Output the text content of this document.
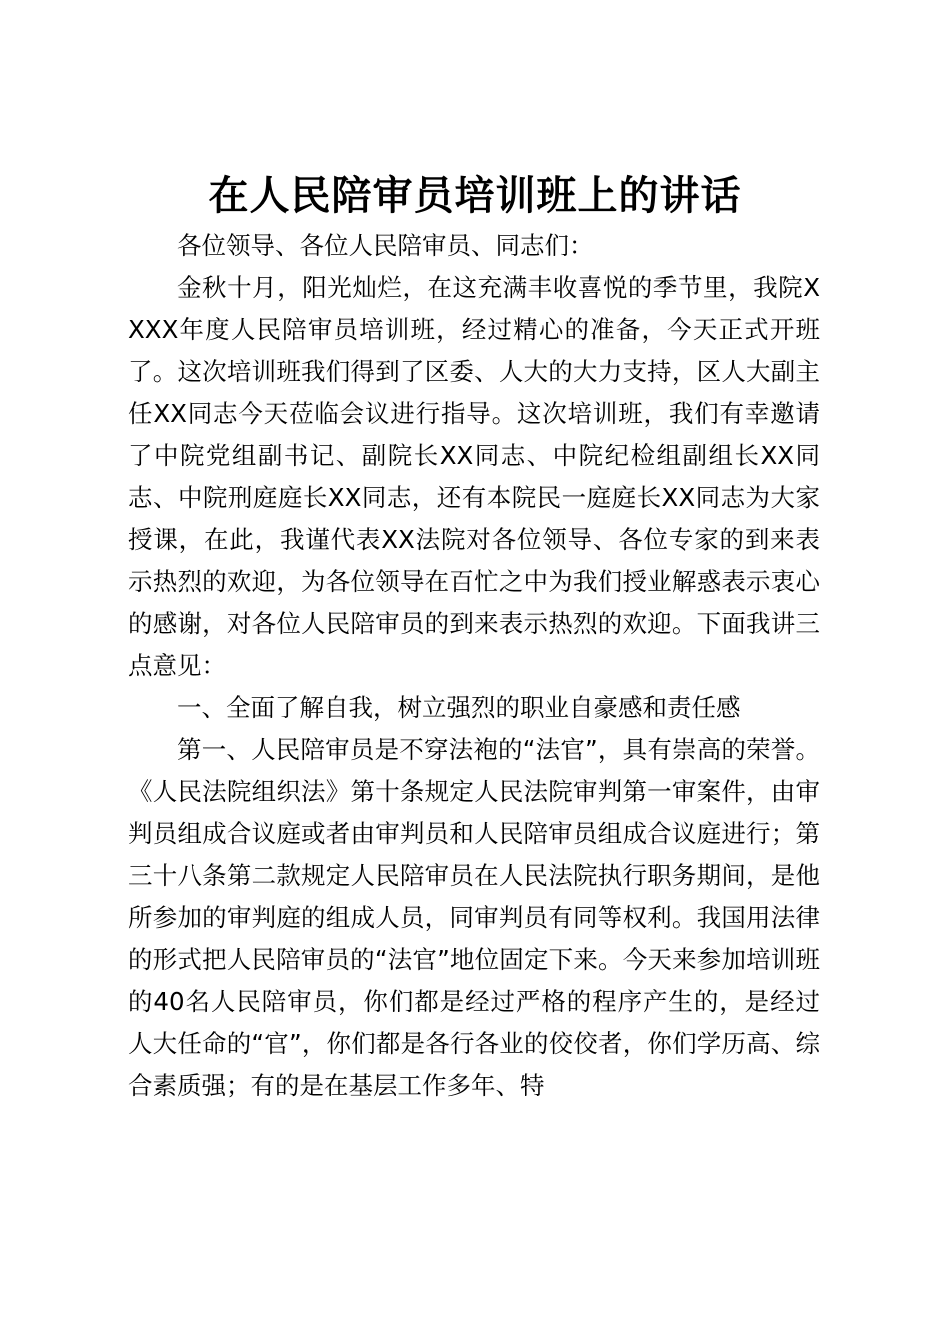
在人民陪审员培训班上的讲话

各位领导、各位人民陪审员、同志们：

金秋十月，阳光灿烂，在这充满丰收喜悦的季节里，我院XXXX年度人民陪审员培训班，经过精心的准备，今天正式开班了。这次培训班我们得到了区委、人大的大力支持，区人大副主任XX同志今天莅临会议进行指导。这次培训班，我们有幸邀请了中院党组副书记、副院长XX同志、中院纪检组副组长XX同志、中院刑庭庭长XX同志，还有本院民一庭庭长XX同志为大家授课，在此，我谨代表XX法院对各位领导、各位专家的到来表示热烈的欢迎，为各位领导在百忙之中为我们授业解惑表示衷心的感谢，对各位人民陪审员的到来表示热烈的欢迎。下面我讲三点意见：

一、全面了解自我，树立强烈的职业自豪感和责任感

第一、人民陪审员是不穿法袍的“法官”，具有崇高的荣誉。《人民法院组织法》第十条规定人民法院审判第一审案件，由审判员组成合议庭或者由审判员和人民陪审员组成合议庭进行；第三十八条第二款规定人民陪审员在人民法院执行职务期间，是他所参加的审判庭的组成人员，同审判员有同等权利。我国用法律的形式把人民陪审员的“法官”地位固定下来。今天来参加培训班的40名人民陪审员，你们都是经过严格的程序产生的，是经过人大任命的“官”，你们都是各行各业的佼佼者，你们学历高、综合素质强；有的是在基层工作多年、特
